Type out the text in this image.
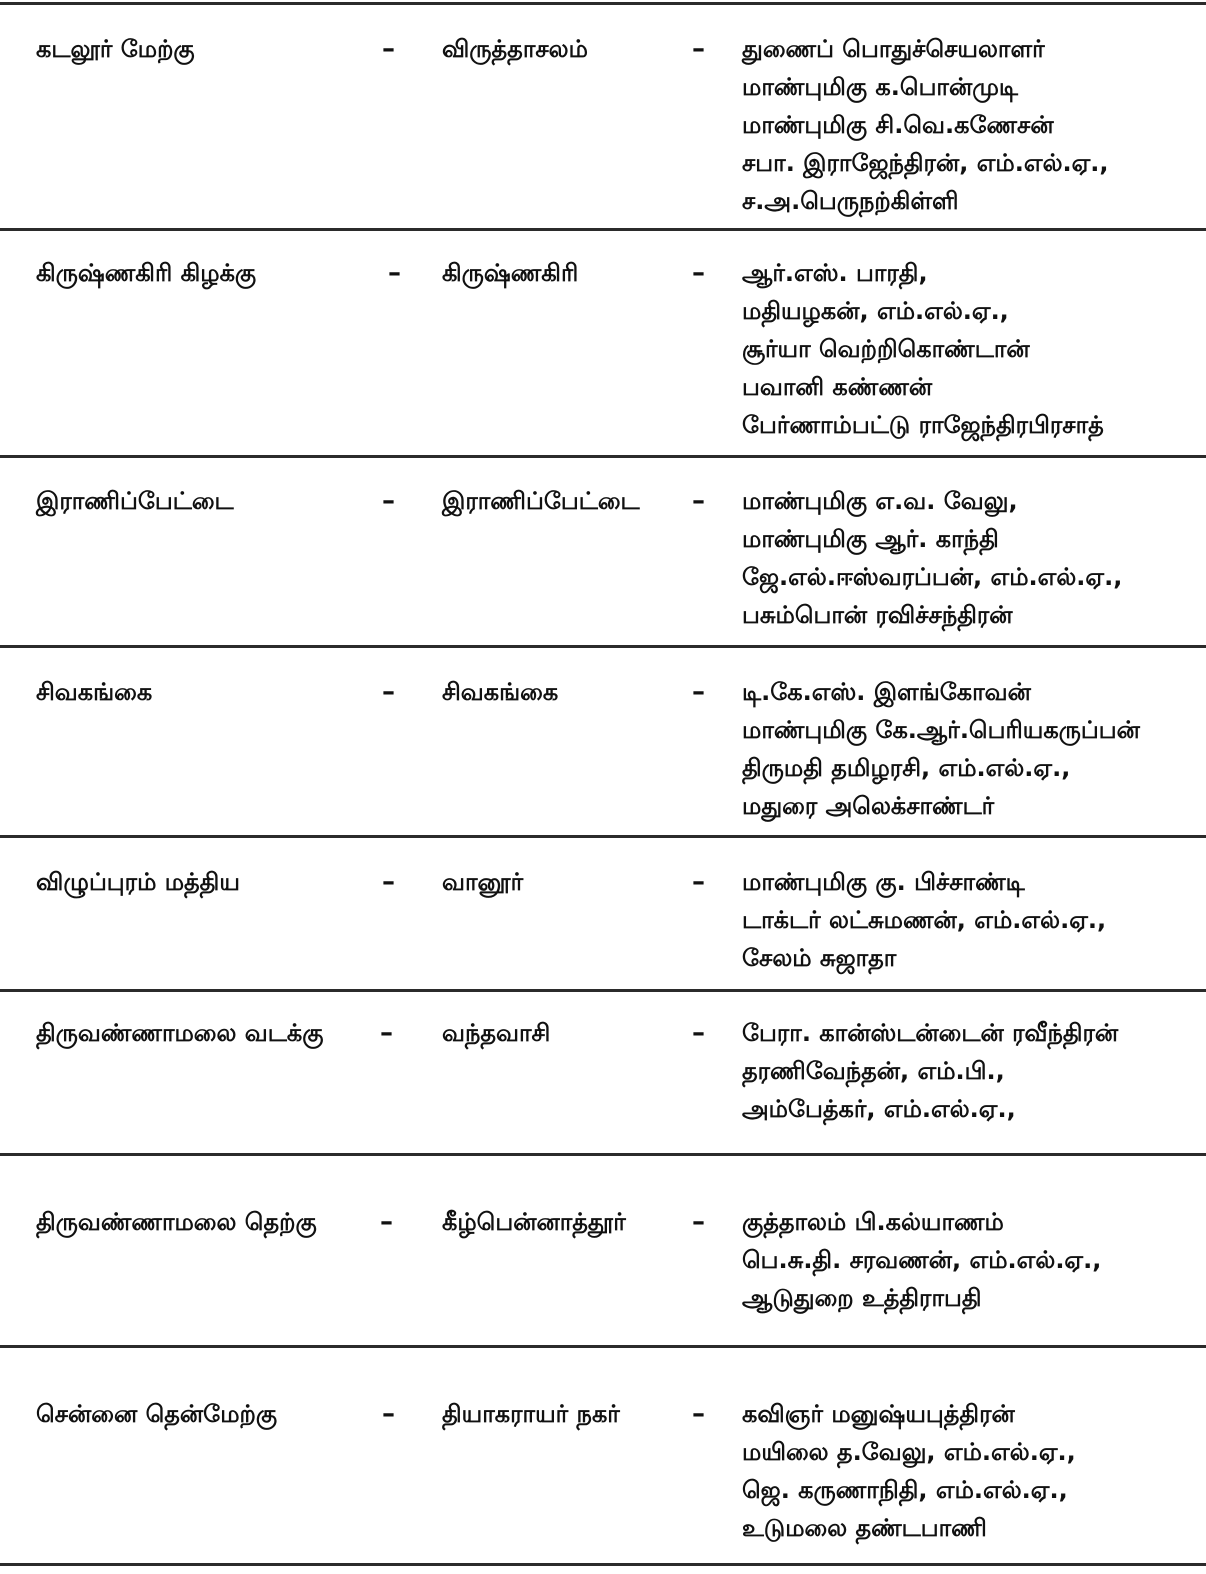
கடலூர் மேற்கு	– விருத்தாசலம்	– துணைப் பொதுச்செயலாளர்
மாண்புமிகு க.பொன்முடி
மாண்புமிகு சி.வெ.கணேசன்
சபா. இராஜேந்திரன், எம்.எல்.ஏ.,
ச.அ.பெருநற்கிள்ளி
கிருஷ்ணகிரி கிழக்கு	– கிருஷ்ணகிரி	– ஆர்.எஸ். பாரதி,
மதியழகன், எம்.எல்.ஏ.,
சூர்யா வெற்றிகொண்டான்
பவானி கண்ணன்
பேர்ணாம்பட்டு ராஜேந்திரபிரசாத்
இராணிப்பேட்டை	– இராணிப்பேட்டை – மாண்புமிகு எ.வ. வேலு,
மாண்புமிகு ஆர். காந்தி
ஜே.எல்.ஈஸ்வரப்பன், எம்.எல்.ஏ.,
பசும்பொன் ரவிச்சந்திரன்
சிவகங்கை	– சிவகங்கை	– டி.கே.எஸ். இளங்கோவன்
மாண்புமிகு கே.ஆர்.பெரியகருப்பன்
திருமதி தமிழரசி, எம்.எல்.ஏ.,
மதுரை அலெக்சாண்டர்
விழுப்புரம் மத்திய	– வானூர்	– மாண்புமிகு கு. பிச்சாண்டி
டாக்டர் லட்சுமணன், எம்.எல்.ஏ.,
சேலம் சுஜாதா
திருவண்ணாமலை வடக்கு – வந்தவாசி	– பேரா. கான்ஸ்டன்டைன் ரவீந்திரன்
தரணிவேந்தன், எம்.பி.,
அம்பேத்கர், எம்.எல்.ஏ.,
திருவண்ணாமலை தெற்கு – கீழ்பென்னாத்தூர்	– குத்தாலம் பி.கல்யாணம்
பெ.சு.தி. சரவணன், எம்.எல்.ஏ.,
ஆடுதுறை உத்திராபதி
சென்னை தென்மேற்கு	– தியாகராயர் நகர்	– கவிஞர் மனுஷ்யபுத்திரன்
மயிலை த.வேலு, எம்.எல்.ஏ.,
ஜெ. கருணாநிதி, எம்.எல்.ஏ.,
உடுமலை தண்டபாணி
